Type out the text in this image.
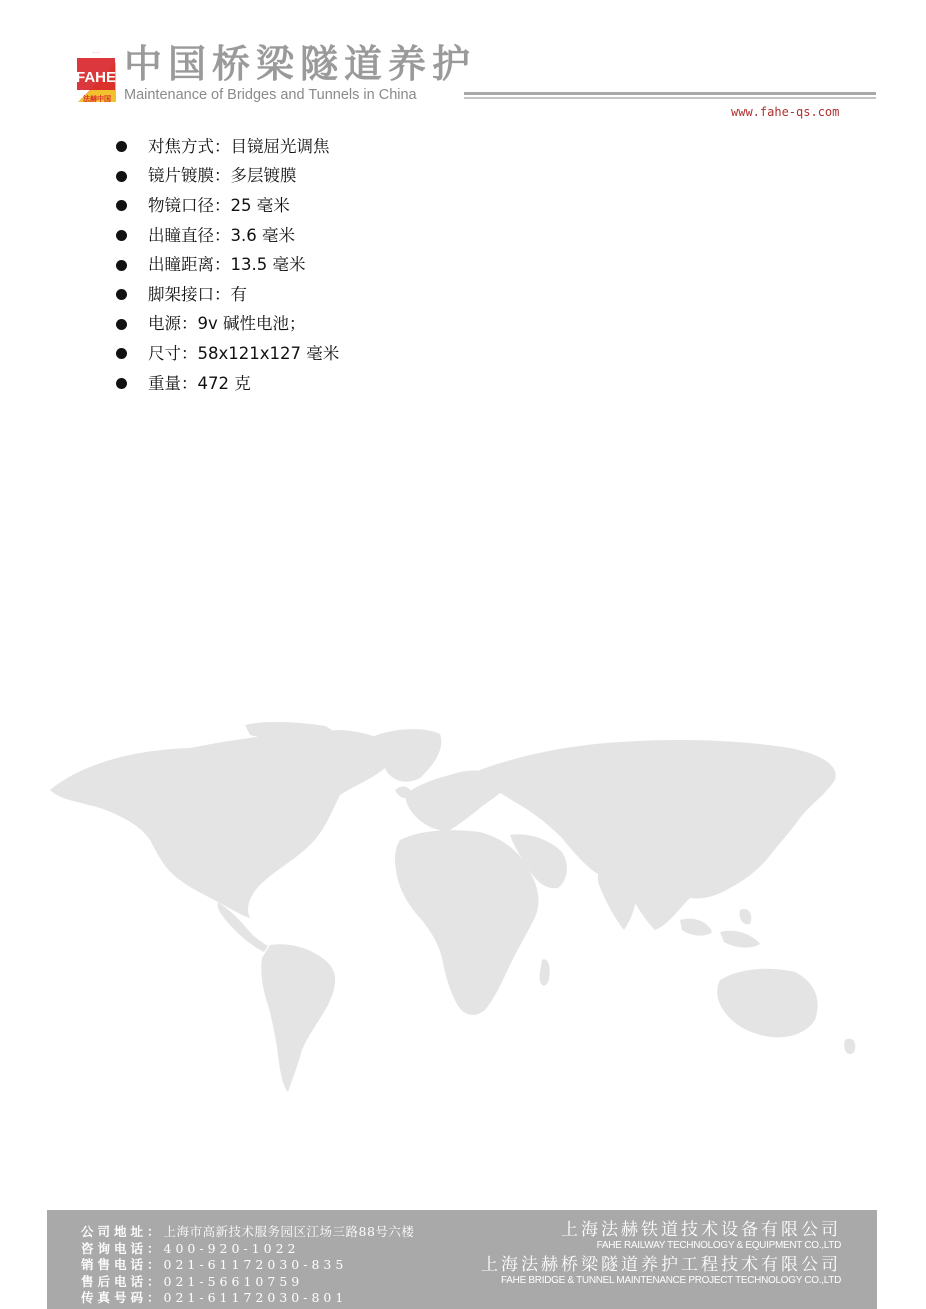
FAHE
· · ·
法赫中国
中国桥梁隧道养护
Maintenance of Bridges and Tunnels in China
www.fahe-qs.com
对焦方式：目镜屈光调焦
镜片镀膜：多层镀膜
物镜口径：25 毫米
出瞳直径：3.6 毫米
出瞳距离：13.5 毫米
脚架接口：有
电源：9v 碱性电池；
尺寸：58x121x127 毫米
重量：472 克
公司地址：上海市高新技术服务园区江场三路88号六楼
咨询电话：400-920-1022
销售电话：021-61172030-835
售后电话：021-56610759
传真号码：021-61172030-801
上海法赫铁道技术设备有限公司
FAHE RAILWAY TECHNOLOGY & EQUIPMENT CO.,LTD
上海法赫桥梁隧道养护工程技术有限公司
FAHE BRIDGE & TUNNEL MAINTENANCE PROJECT TECHNOLOGY CO.,LTD
